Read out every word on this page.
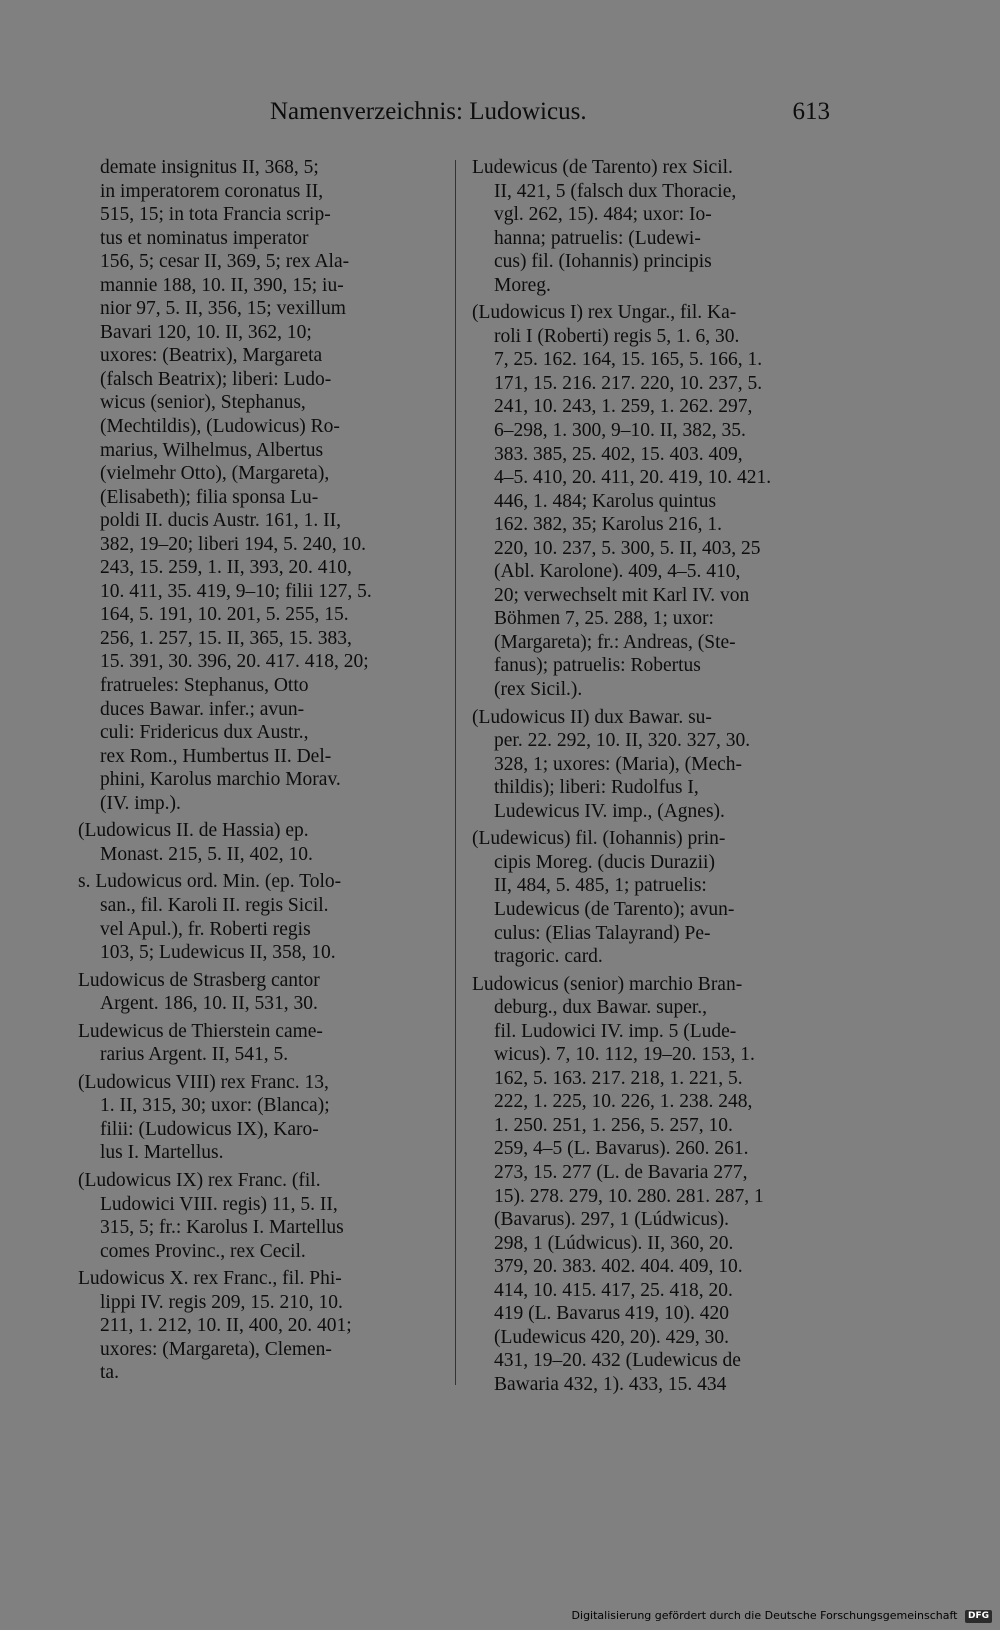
Namenverzeichnis: Ludowicus.	613
demate insignitus II, 368, 5;
in imperatorem coronatus II,
515, 15; in tota Francia scrip-
tus et nominatus imperator
156, 5; cesar II, 369, 5; rex Ala-
mannie 188, 10. II, 390, 15; iu-
nior 97, 5. II, 356, 15; vexillum
Bavari 120, 10. II, 362, 10;
uxores: (Beatrix), Margareta
(falsch Beatrix); liberi: Ludo-
wicus (senior), Stephanus,
(Mechtildis), (Ludowicus) Ro-
marius, Wilhelmus, Albertus
(vielmehr Otto), (Margareta),
(Elisabeth); filia sponsa Lu-
poldi II. ducis Austr. 161, 1. II,
382, 19–20; liberi 194, 5. 240, 10.
243, 15. 259, 1. II, 393, 20. 410,
10. 411, 35. 419, 9–10; filii 127, 5.
164, 5. 191, 10. 201, 5. 255, 15.
256, 1. 257, 15. II, 365, 15. 383,
15. 391, 30. 396, 20. 417. 418, 20;
fratrueles: Stephanus, Otto
duces Bawar. infer.; avun-
culi: Fridericus dux Austr.,
rex Rom., Humbertus II. Del-
phini, Karolus marchio Morav.
(IV. imp.).
(Ludowicus II. de Hassia) ep.
Monast. 215, 5. II, 402, 10.
s. Ludowicus ord. Min. (ep. Tolo-
san., fil. Karoli II. regis Sicil.
vel Apul.), fr. Roberti regis
103, 5; Ludewicus II, 358, 10.
Ludowicus de Strasberg cantor
Argent. 186, 10. II, 531, 30.
Ludewicus de Thierstein came-
rarius Argent. II, 541, 5.
(Ludowicus VIII) rex Franc. 13,
1. II, 315, 30; uxor: (Blanca);
filii: (Ludowicus IX), Karo-
lus I. Martellus.
(Ludowicus IX) rex Franc. (fil.
Ludowici VIII. regis) 11, 5. II,
315, 5; fr.: Karolus I. Martellus
comes Provinc., rex Cecil.
Ludowicus X. rex Franc., fil. Phi-
lippi IV. regis 209, 15. 210, 10.
211, 1. 212, 10. II, 400, 20. 401;
uxores: (Margareta), Clemen-
ta.
Ludewicus (de Tarento) rex Sicil.
II, 421, 5 (falsch dux Thoracie,
vgl. 262, 15). 484; uxor: Io-
hanna; patruelis: (Ludewi-
cus) fil. (Iohannis) principis
Moreg.
(Ludowicus I) rex Ungar., fil. Ka-
roli I (Roberti) regis 5, 1. 6, 30.
7, 25. 162. 164, 15. 165, 5. 166, 1.
171, 15. 216. 217. 220, 10. 237, 5.
241, 10. 243, 1. 259, 1. 262. 297,
6–298, 1. 300, 9–10. II, 382, 35.
383. 385, 25. 402, 15. 403. 409,
4–5. 410, 20. 411, 20. 419, 10. 421.
446, 1. 484; Karolus quintus
162. 382, 35; Karolus 216, 1.
220, 10. 237, 5. 300, 5. II, 403, 25
(Abl. Karolone). 409, 4–5. 410,
20; verwechselt mit Karl IV. von
Böhmen 7, 25. 288, 1; uxor:
(Margareta); fr.: Andreas, (Ste-
fanus); patruelis: Robertus
(rex Sicil.).
(Ludowicus II) dux Bawar. su-
per. 22. 292, 10. II, 320. 327, 30.
328, 1; uxores: (Maria), (Mech-
thildis); liberi: Rudolfus I,
Ludewicus IV. imp., (Agnes).
(Ludewicus) fil. (Iohannis) prin-
cipis Moreg. (ducis Durazii)
II, 484, 5. 485, 1; patruelis:
Ludewicus (de Tarento); avun-
culus: (Elias Talayrand) Pe-
tragoric. card.
Ludowicus (senior) marchio Bran-
deburg., dux Bawar. super.,
fil. Ludowici IV. imp. 5 (Lude-
wicus). 7, 10. 112, 19–20. 153, 1.
162, 5. 163. 217. 218, 1. 221, 5.
222, 1. 225, 10. 226, 1. 238. 248,
1. 250. 251, 1. 256, 5. 257, 10.
259, 4–5 (L. Bavarus). 260. 261.
273, 15. 277 (L. de Bavaria 277,
15). 278. 279, 10. 280. 281. 287, 1
(Bavarus). 297, 1 (Lúdwicus).
298, 1 (Lúdwicus). II, 360, 20.
379, 20. 383. 402. 404. 409, 10.
414, 10. 415. 417, 25. 418, 20.
419 (L. Bavarus 419, 10). 420
(Ludewicus 420, 20). 429, 30.
431, 19–20. 432 (Ludewicus de
Bawaria 432, 1). 433, 15. 434
Digitalisierung gefördert durch die Deutsche Forschungsgemeinschaft DFG
